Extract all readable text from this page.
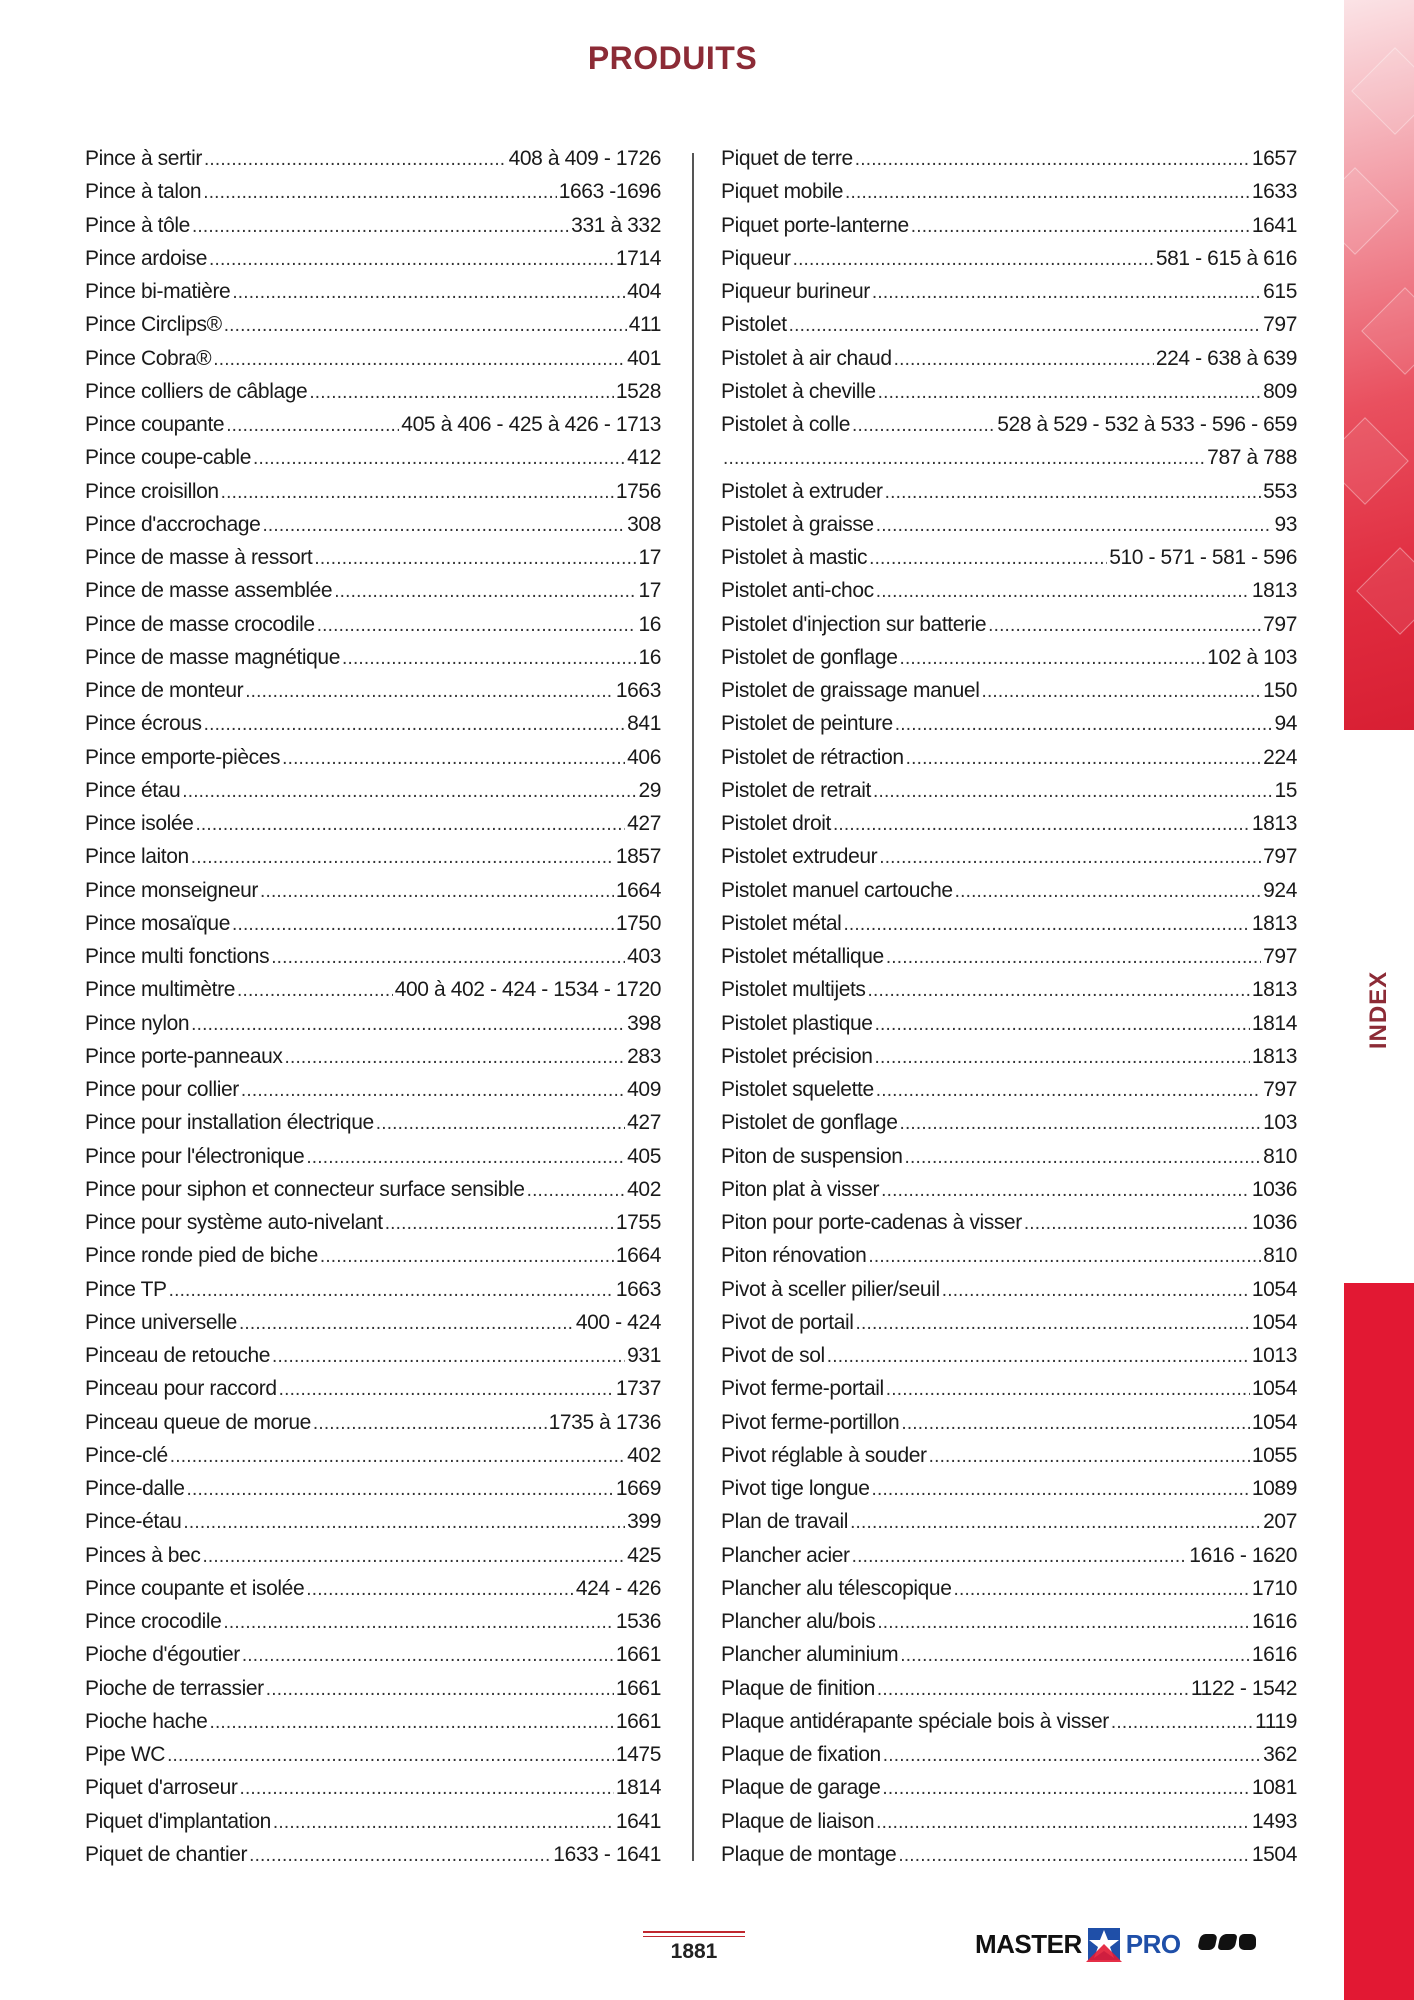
PRODUITS
Pince à sertir .....	408 à 409 - 1726
Pince à talon .....	1663 -1696
Pince à tôle .....	331 à 332
Pince ardoise .....	1714
Pince bi-matière .....	404
Pince Circlips® .....	411
Pince Cobra® .....	401
Pince colliers de câblage .....	1528
Pince coupante .....	405 à 406 - 425 à 426 - 1713
Pince coupe-cable .....	412
Pince croisillon .....	1756
Pince d'accrochage .....	308
Pince de masse à ressort .....	17
Pince de masse assemblée .....	17
Pince de masse crocodile .....	16
Pince de masse magnétique .....	16
Pince de monteur .....	1663
Pince écrous .....	841
Pince emporte-pièces .....	406
Pince étau .....	29
Pince isolée .....	427
Pince laiton .....	1857
Pince monseigneur .....	1664
Pince mosaïque .....	1750
Pince multi fonctions .....	403
Pince multimètre .....	400 à 402 - 424 - 1534 - 1720
Pince nylon .....	398
Pince porte-panneaux .....	283
Pince pour collier .....	409
Pince pour installation électrique .....	427
Pince pour l'électronique .....	405
Pince pour siphon et connecteur surface sensible .....	402
Pince pour système auto-nivelant .....	1755
Pince ronde pied de biche .....	1664
Pince TP .....	1663
Pince universelle .....	400 - 424
Pinceau de retouche .....	931
Pinceau pour raccord .....	1737
Pinceau queue de morue .....	1735 à 1736
Pince-clé .....	402
Pince-dalle .....	1669
Pince-étau .....	399
Pinces à bec .....	425
Pince coupante et isolée .....	424 - 426
Pince crocodile .....	1536
Pioche d'égoutier .....	1661
Pioche de terrassier .....	1661
Pioche hache .....	1661
Pipe WC .....	1475
Piquet d'arroseur .....	1814
Piquet d'implantation .....	1641
Piquet de chantier .....	1633 - 1641
Piquet de terre .....	1657
Piquet mobile .....	1633
Piquet porte-lanterne .....	1641
Piqueur .....	581 - 615 à 616
Piqueur burineur .....	615
Pistolet .....	797
Pistolet à air chaud .....	224 - 638 à 639
Pistolet à cheville .....	809
Pistolet à colle .....	528 à 529 - 532 à 533 - 596 - 659
.....
787 à 788
Pistolet à extruder .....	553
Pistolet à graisse .....	93
Pistolet à mastic .....	510 - 571 - 581 - 596
Pistolet anti-choc .....	1813
Pistolet d'injection sur batterie .....	797
Pistolet de gonflage .....	102 à 103
Pistolet de graissage manuel .....	150
Pistolet de peinture .....	94
Pistolet de rétraction .....	224
Pistolet de retrait .....	15
Pistolet droit .....	1813
Pistolet extrudeur .....	797
Pistolet manuel cartouche .....	924
Pistolet métal .....	1813
Pistolet métallique .....	797
Pistolet multijets .....	1813
Pistolet plastique .....	1814
Pistolet précision .....	1813
Pistolet squelette .....	797
Pistolet de gonflage .....	103
Piton de suspension .....	810
Piton plat à visser .....	1036
Piton pour porte-cadenas à visser .....	1036
Piton rénovation .....	810
Pivot à sceller pilier/seuil .....	1054
Pivot de portail .....	1054
Pivot de sol .....	1013
Pivot ferme-portail .....	1054
Pivot ferme-portillon .....	1054
Pivot réglable à souder .....	1055
Pivot tige longue .....	1089
Plan de travail .....	207
Plancher acier .....	1616 - 1620
Plancher alu télescopique .....	1710
Plancher alu/bois .....	1616
Plancher aluminium .....	1616
Plaque de finition .....	1122 - 1542
Plaque antidérapante spéciale bois à visser .....	1119
Plaque de fixation .....	362
Plaque de garage .....	1081
Plaque de liaison .....	1493
Plaque de montage .....	1504
INDEX
1881	MASTER PRO
